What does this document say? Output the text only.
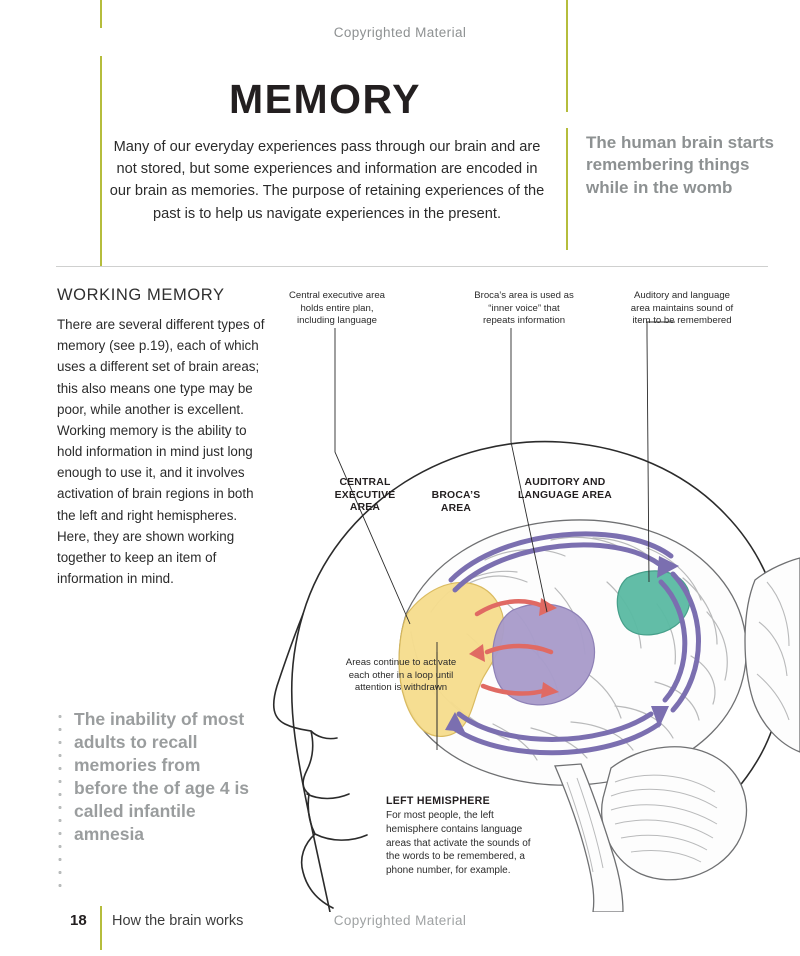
Copyrighted Material
MEMORY
Many of our everyday experiences pass through our brain and are not stored, but some experiences and information are encoded in our brain as memories. The purpose of retaining experiences of the past is to help us navigate experiences in the present.
The human brain starts remembering things while in the womb
WORKING MEMORY
There are several different types of memory (see p.19), each of which uses a different set of brain areas; this also means one type may be poor, while another is excellent. Working memory is the ability to hold information in mind just long enough to use it, and it involves activation of brain regions in both the left and right hemispheres. Here, they are shown working together to keep an item of information in mind.
The inability of most adults to recall memories from before the of age 4 is called infantile amnesia
Central executive area holds entire plan, including language
Broca’s area is used as “inner voice” that repeats information
Auditory and language area maintains sound of item to be remembered
Areas continue to activate each other in a loop until attention is withdrawn
CENTRAL EXECUTIVE AREA
BROCA’S AREA
AUDITORY AND LANGUAGE AREA
LEFT HEMISPHERE
For most people, the left hemisphere contains language areas that activate the sounds of the words to be remembered, a phone number, for example.
18 How the brain works	Copyrighted Material
